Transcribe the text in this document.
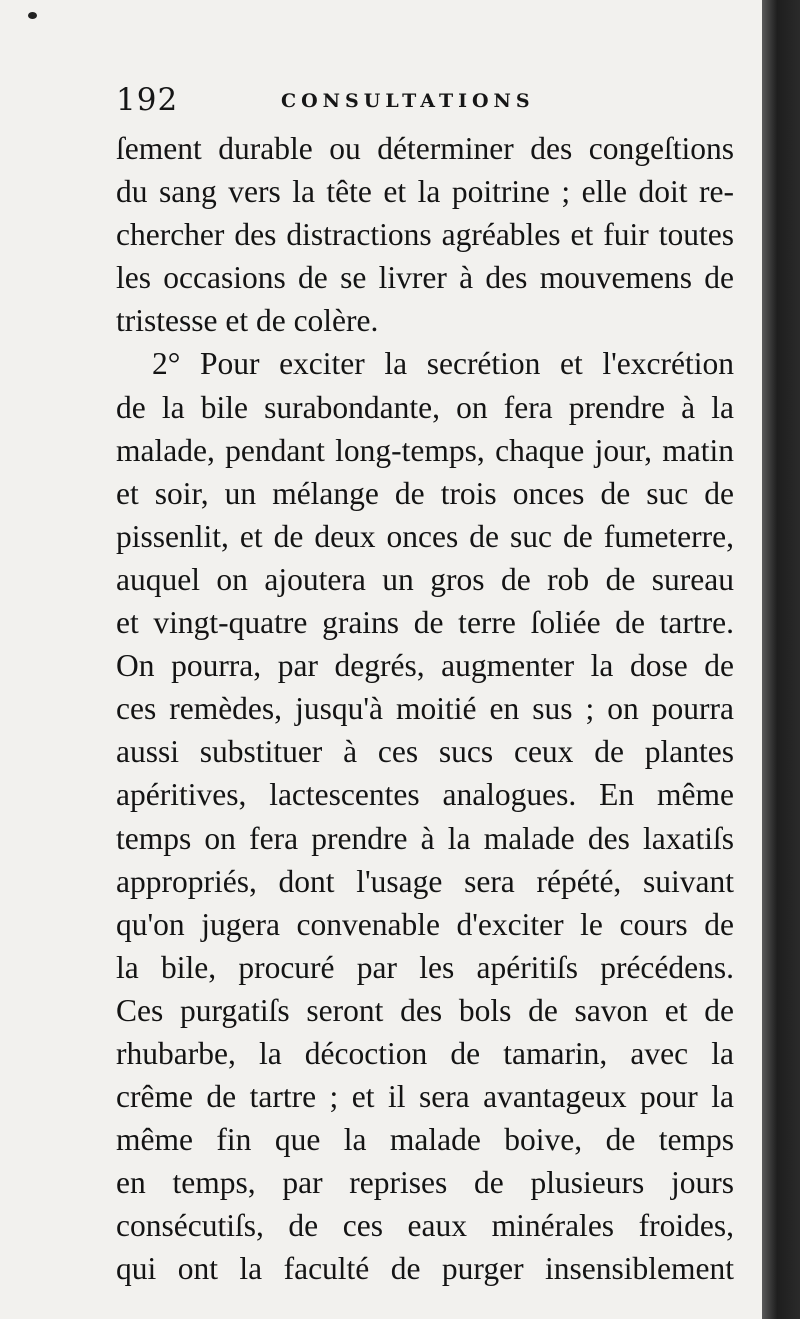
192	CONSULTATIONS
ſement durable ou déterminer des congeſtions
du sang vers la tête et la poitrine ; elle doit re-
chercher des distractions agréables et fuir toutes
les occasions de se livrer à des mouvemens de
tristesse et de colère.
2° Pour exciter la secrétion et l'excrétion
de la bile surabondante, on fera prendre à la
malade, pendant long-temps, chaque jour, matin
et soir, un mélange de trois onces de suc de
pissenlit, et de deux onces de suc de fumeterre,
auquel on ajoutera un gros de rob de sureau
et vingt-quatre grains de terre ſoliée de tartre.
On pourra, par degrés, augmenter la dose de
ces remèdes, jusqu'à moitié en sus ; on pourra
aussi substituer à ces sucs ceux de plantes
apéritives, lactescentes analogues. En même
temps on fera prendre à la malade des laxatiſs
appropriés, dont l'usage sera répété, suivant
qu'on jugera convenable d'exciter le cours de
la bile, procuré par les apéritiſs précédens.
Ces purgatiſs seront des bols de savon et de
rhubarbe, la décoction de tamarin, avec la
crême de tartre ; et il sera avantageux pour la
même fin que la malade boive, de temps
en temps, par reprises de plusieurs jours
consécutiſs, de ces eaux minérales froides,
qui ont la faculté de purger insensiblement
